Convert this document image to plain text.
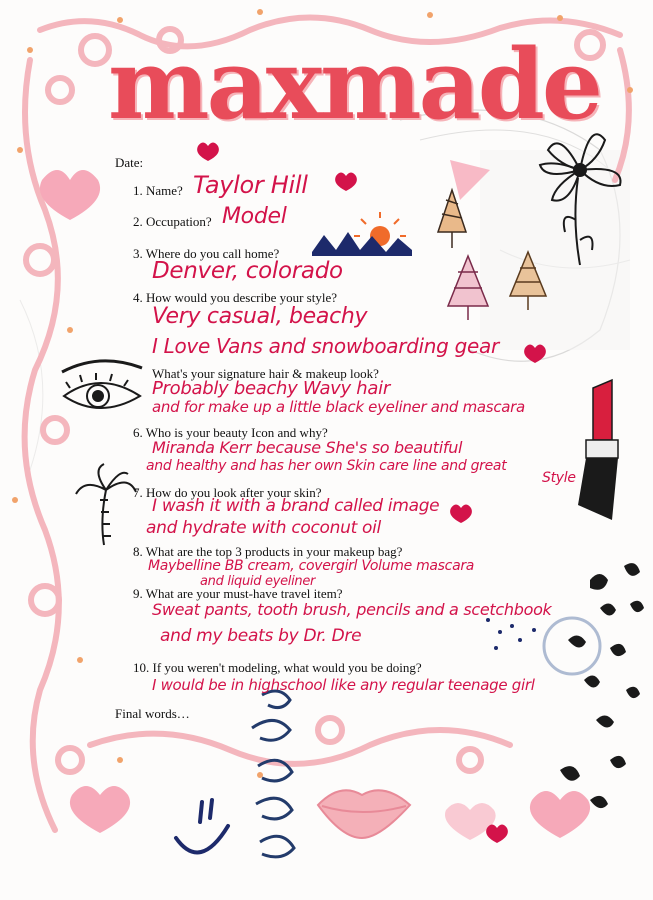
maxmade
Date:
1. Name? Taylor Hill
2. Occupation? Model
3. Where do you call home?
Denver, colorado
4. How would you describe your style?
Very casual, beachy
I Love Vans and snowboarding gear
What's your signature hair & makeup look?
Probably beachy Wavy hair
and for make up a little black eyeliner and mascara
6. Who is your beauty Icon and why?
Miranda Kerr because She's so beautiful
and healthy and has her own Skin care line and great
Style
7. How do you look after your skin?
I wash it with a brand called image
and hydrate with coconut oil
8. What are the top 3 products in your makeup bag?
Maybelline BB cream, covergirl Volume mascara
and liquid eyeliner
9. What are your must-have travel item?
Sweat pants, tooth brush, pencils and a scetchbook
and my beats by Dr. Dre
10. If you weren't modeling, what would you be doing?
I would be in highschool like any regular teenage girl
Final words…
